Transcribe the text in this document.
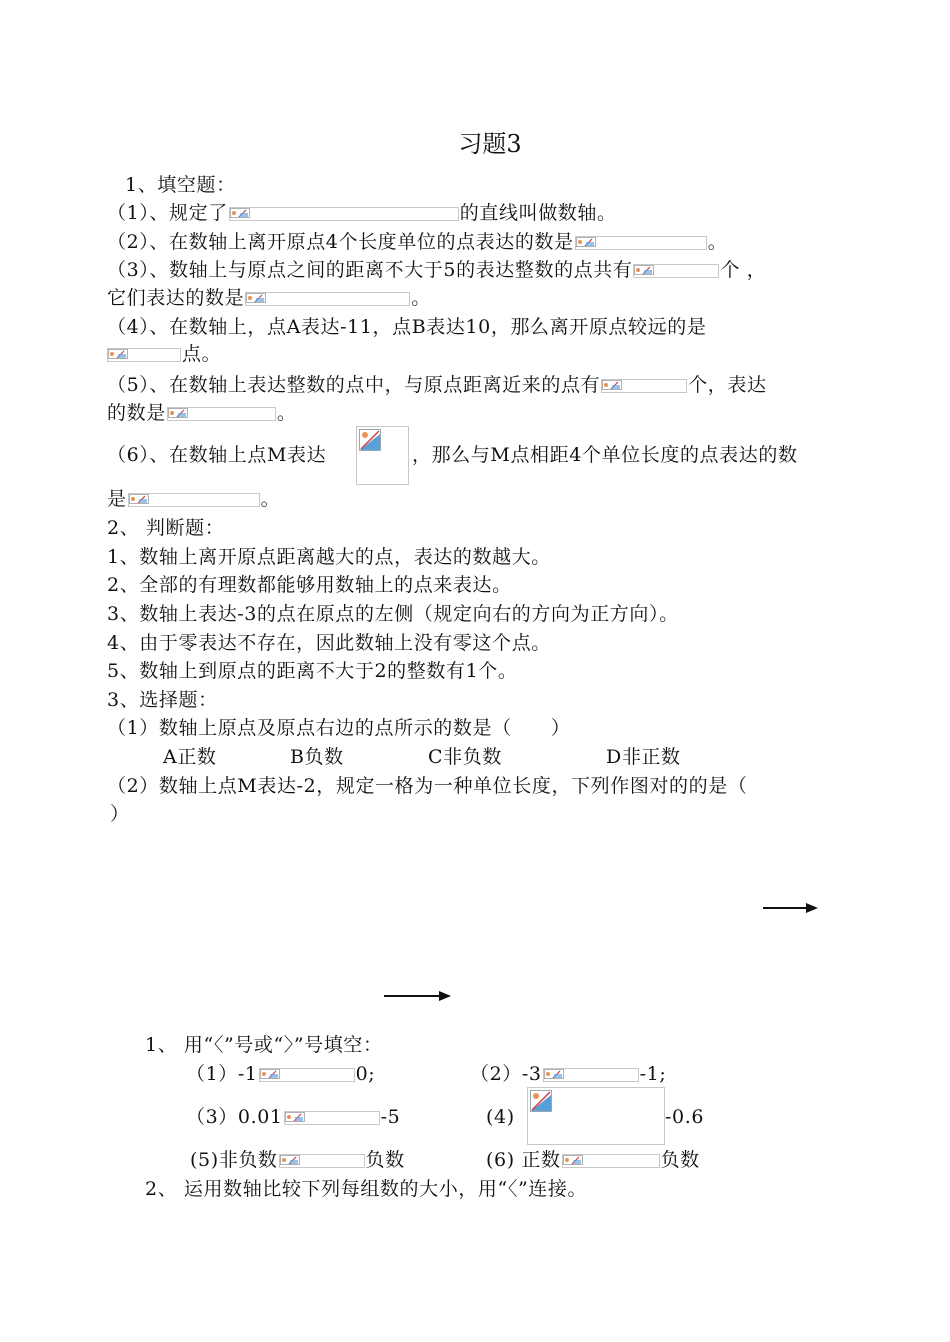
习题3
1、填空题：
（1）、规定了	的直线叫做数轴。
（2）、在数轴上离开原点4个长度单位的点表达的数是	。
（3）、数轴上与原点之间的距离不大于5的表达整数的点共有	个 ，
它们表达的数是	。
（4）、在数轴上，点A表达-11，点B表达10，那么离开原点较远的是
点。
（5）、在数轴上表达整数的点中，与原点距离近来的点有	个，表达
的数是	。
（6）、在数轴上点M表达	，那么与M点相距4个单位长度的点表达的数
是	。
2、 判断题：
1、数轴上离开原点距离越大的点，表达的数越大。
2、全部的有理数都能够用数轴上的点来表达。
3、数轴上表达-3的点在原点的左侧（规定向右的方向为正方向）。
4、由于零表达不存在，因此数轴上没有零这个点。
5、数轴上到原点的距离不大于2的整数有1个。
3、选择题：
（1）数轴上原点及原点右边的点所示的数是（　　）
A正数	B负数	C非负数	D非正数
（2）数轴上点M表达-2，规定一格为一种单位长度，下列作图对的的是（
）
1、 用“〈”号或“〉”号填空：
（1）-1	0;	（2）-3	-1;
（3）0.01	-5	(4)	-0.6
(5)非负数	负数	(6) 正数	负数
2、 运用数轴比较下列每组数的大小，用“〈”连接。
